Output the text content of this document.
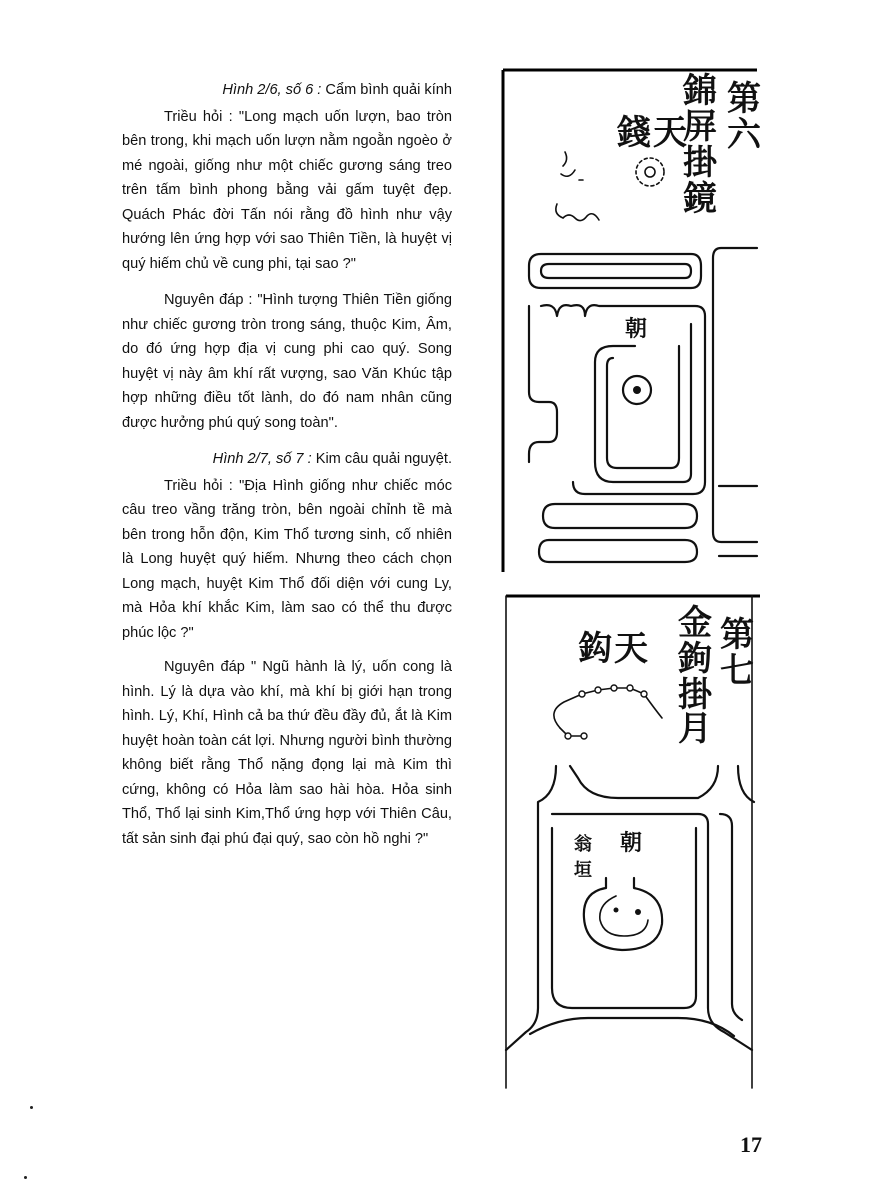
Hình 2/6, số 6 : Cẩm bình quải kính

Triều hỏi : "Long mạch uốn lượn, bao tròn bên trong, khi mạch uốn lượn nằm ngoằn ngoèo ở mé ngoài, giống như một chiếc gương sáng treo trên tấm bình phong bằng vải gấm tuyệt đẹp. Quách Phác đời Tấn nói rằng đồ hình như vậy hướng lên ứng hợp với sao Thiên Tiền, là huyệt vị quý hiếm chủ về cung phi, tại sao ?"

Nguyên đáp : "Hình tượng Thiên Tiền giống như chiếc gương tròn trong sáng, thuộc Kim, Âm, do đó ứng hợp địa vị cung phi cao quý. Song huyệt vị này âm khí rất vượng, sao Văn Khúc tập hợp những điều tốt lành, do đó nam nhân cũng được hưởng phú quý song toàn".

Hình 2/7, số 7 : Kim câu quải nguyệt.

Triều hỏi : "Địa Hình giống như chiếc móc câu treo vầng trăng tròn, bên ngoài chỉnh tề mà bên trong hỗn độn, Kim Thổ tương sinh, cố nhiên là Long huyệt quý hiếm. Nhưng theo cách chọn Long mạch, huyệt Kim Thổ đối diện với cung Ly, mà Hỏa khí khắc Kim, làm sao có thể thu được phúc lộc ?"

Nguyên đáp " Ngũ hành là lý, uốn cong là hình. Lý là dựa vào khí, mà khí bị giới hạn trong hình. Lý, Khí, Hình cả ba thứ đều đầy đủ, ắt là Kim huyệt hoàn toàn cát lợi. Nhưng người bình thường không biết rằng Thổ nặng đọng lại mà Kim thì cứng, không có Hỏa làm sao hài hòa. Hỏa sinh Thổ, Thổ lại sinh Kim,Thổ ứng hợp với Thiên Câu, tất sản sinh đại phú đại quý, sao còn hồ nghi ?"

第
六
錦
屏
掛
鏡
錢 天
朝
第
七
金
鉤
掛
月
鈎 天
朝
翁
垣
17
